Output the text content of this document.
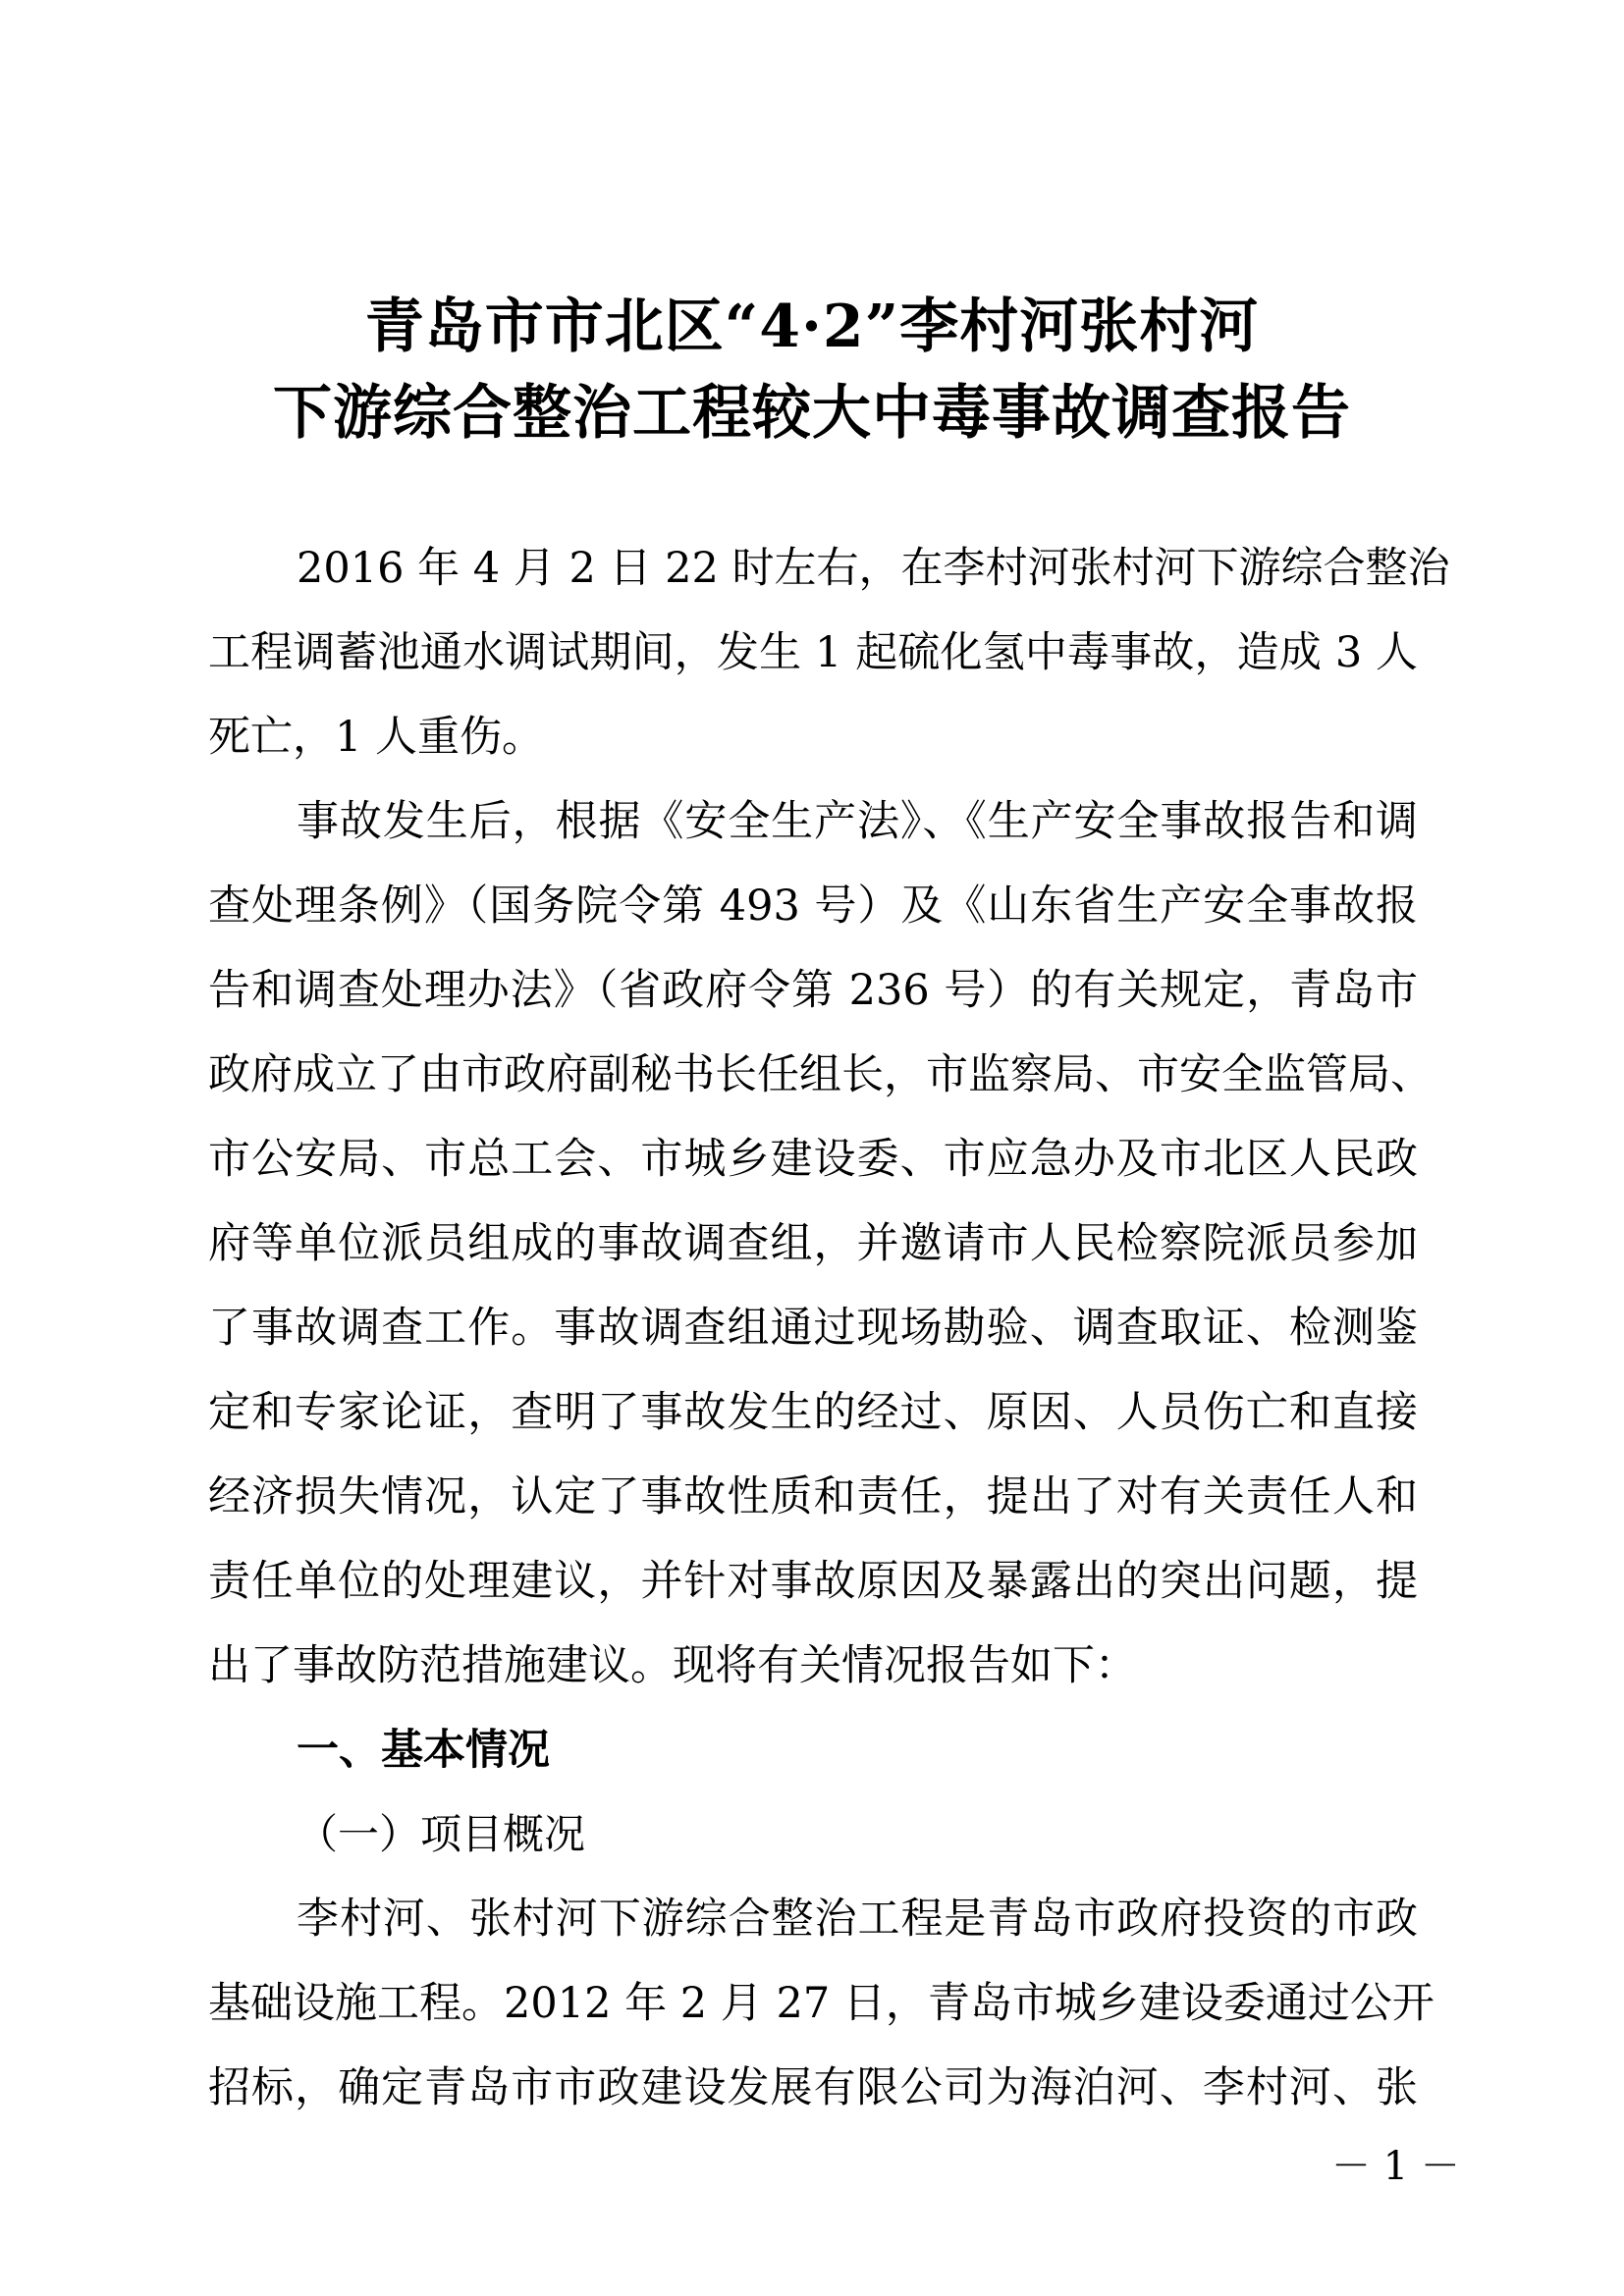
青岛市市北区“4·2”李村河张村河
下游综合整治工程较大中毒事故调查报告
2016 年 4 月 2 日 22 时左右，在李村河张村河下游综合整治
工程调蓄池通水调试期间，发生 1 起硫化氢中毒事故，造成 3 人
死亡，1 人重伤。
事故发生后，根据《安全生产法》、《生产安全事故报告和调
查处理条例》（国务院令第 493 号）及《山东省生产安全事故报
告和调查处理办法》（省政府令第 236 号）的有关规定，青岛市
政府成立了由市政府副秘书长任组长，市监察局、市安全监管局、
市公安局、市总工会、市城乡建设委、市应急办及市北区人民政
府等单位派员组成的事故调查组，并邀请市人民检察院派员参加
了事故调查工作。事故调查组通过现场勘验、调查取证、检测鉴
定和专家论证，查明了事故发生的经过、原因、人员伤亡和直接
经济损失情况，认定了事故性质和责任，提出了对有关责任人和
责任单位的处理建议，并针对事故原因及暴露出的突出问题，提
出了事故防范措施建议。现将有关情况报告如下：
一、基本情况
（一）项目概况
李村河、张村河下游综合整治工程是青岛市政府投资的市政
基础设施工程。2012 年 2 月 27 日，青岛市城乡建设委通过公开
招标，确定青岛市市政建设发展有限公司为海泊河、李村河、张
－ 1 －
